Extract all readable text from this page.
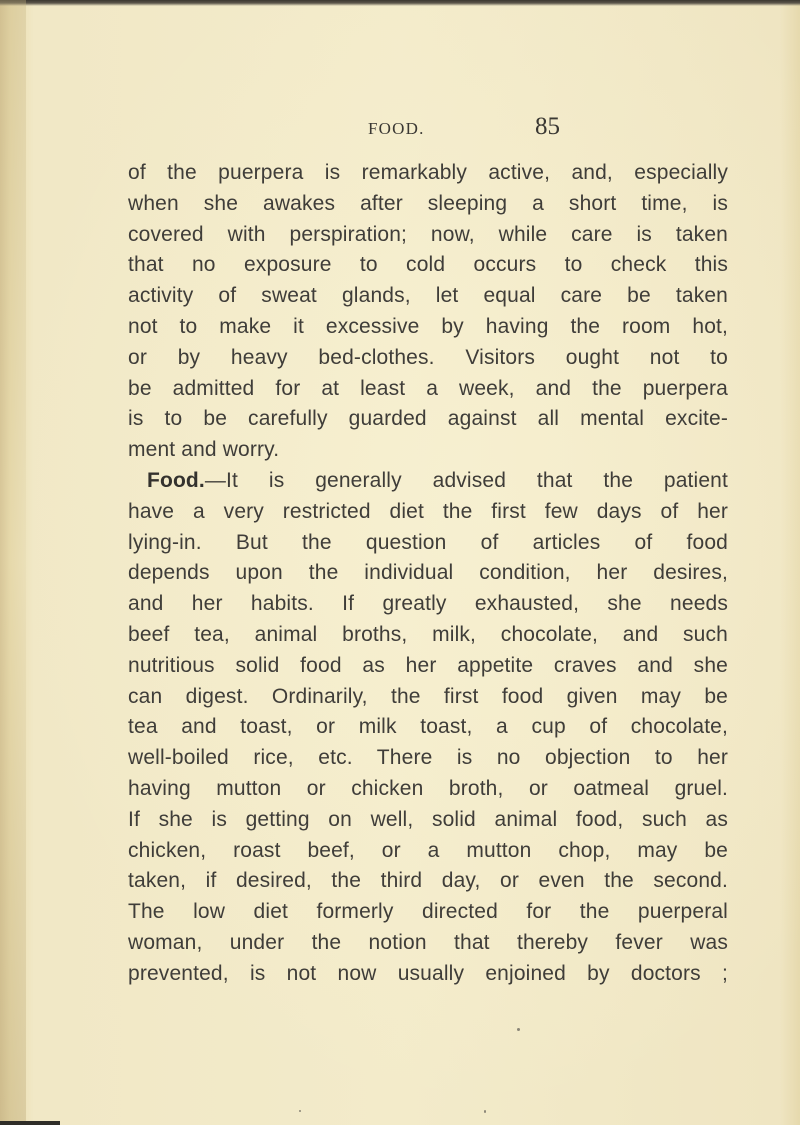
FOOD.	85
of the puerpera is remarkably active, and, especially
when she awakes after sleeping a short time, is
covered with perspiration; now, while care is taken
that no exposure to cold occurs to check this
activity of sweat glands, let equal care be taken
not to make it excessive by having the room hot,
or by heavy bed-clothes. Visitors ought not to
be admitted for at least a week, and the puerpera
is to be carefully guarded against all mental excite-
ment and worry.
Food.—It is generally advised that the patient
have a very restricted diet the first few days of her
lying-in. But the question of articles of food
depends upon the individual condition, her desires,
and her habits. If greatly exhausted, she needs
beef tea, animal broths, milk, chocolate, and such
nutritious solid food as her appetite craves and she
can digest. Ordinarily, the first food given may be
tea and toast, or milk toast, a cup of chocolate,
well-boiled rice, etc. There is no objection to her
having mutton or chicken broth, or oatmeal gruel.
If she is getting on well, solid animal food, such as
chicken, roast beef, or a mutton chop, may be
taken, if desired, the third day, or even the second.
The low diet formerly directed for the puerperal
woman, under the notion that thereby fever was
prevented, is not now usually enjoined by doctors ;
